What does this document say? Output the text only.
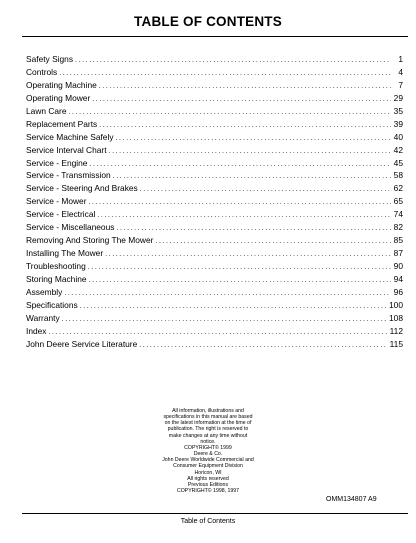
TABLE OF CONTENTS
Safety Signs .....	1
Controls .....	4
Operating Machine .....	7
Operating Mower .....	29
Lawn Care .....	35
Replacement Parts .....	39
Service Machine Safely .....	40
Service Interval Chart .....	42
Service - Engine .....	45
Service - Transmission .....	58
Service - Steering And Brakes .....	62
Service - Mower .....	65
Service - Electrical .....	74
Service - Miscellaneous .....	82
Removing And Storing The Mower .....	85
Installing The Mower .....	87
Troubleshooting .....	90
Storing Machine .....	94
Assembly .....	96
Specifications .....	100
Warranty .....	108
Index .....	112
John Deere Service Literature .....	115
All information, illustrations and
specifications in this manual are based
on the latest information at the time of
publication. The right is reserved to
make changes at any time without
notice.
COPYRIGHT© 1999
Deere & Co.
John Deere Worldwide Commercial and
Consumer Equipment Division
Horicon, WI
All rights reserved
Previous Editions
COPYRIGHT© 1998, 1997
OMM134807 A9
Table of Contents
